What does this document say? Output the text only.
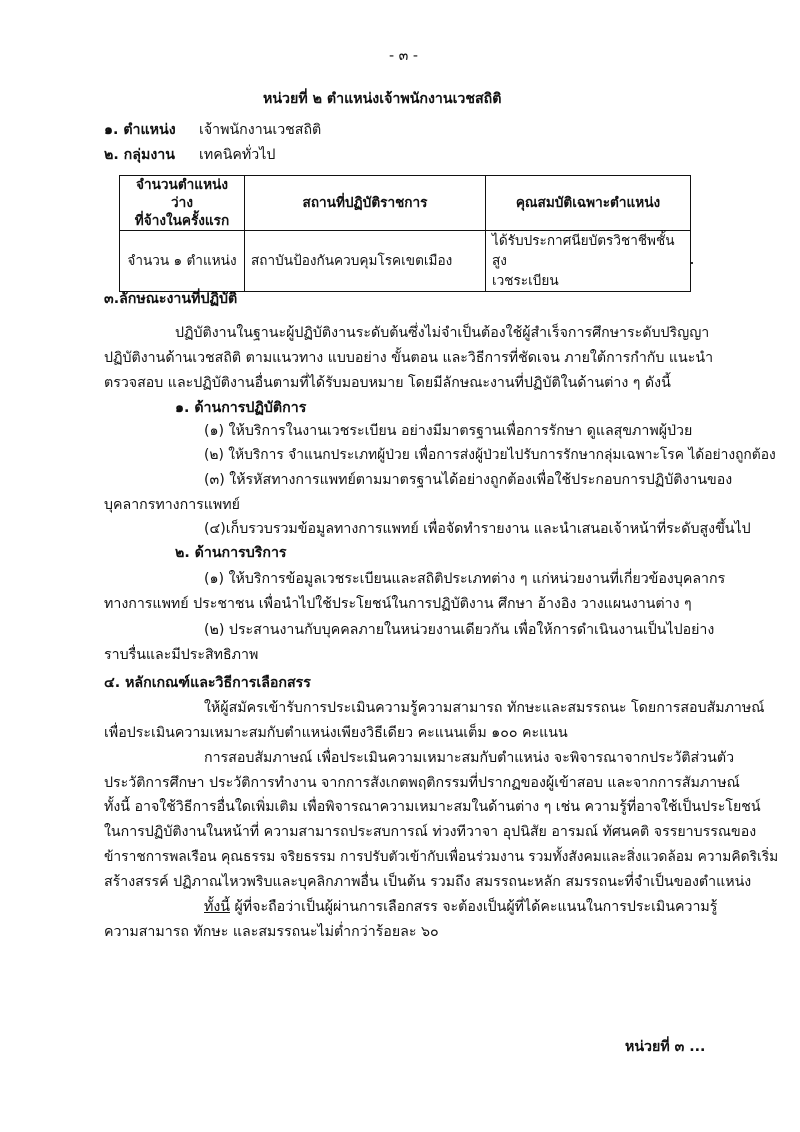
- ๓ -
หน่วยที่ ๒ ตำแหน่งเจ้าพนักงานเวชสถิติ
๑. ตำแหน่ง เจ้าพนักงานเวชสถิติ
๒. กลุ่มงาน เทคนิคทั่วไป
จำนวนตำแหน่งว่าง
ที่จ้างในครั้งแรก	สถานที่ปฏิบัติราชการ	คุณสมบัติเฉพาะตำแหน่ง
จำนวน ๑ ตำแหน่ง	สถาบันป้องกันควบคุมโรคเขตเมือง	ได้รับประกาศนียบัตรวิชาชีพชั้นสูง
เวชระเบียน
๓.ลักษณะงานที่ปฏิบัติ
ปฏิบัติงานในฐานะผู้ปฏิบัติงานระดับต้นซึ่งไม่จำเป็นต้องใช้ผู้สำเร็จการศึกษาระดับปริญญา
ปฏิบัติงานด้านเวชสถิติ ตามแนวทาง แบบอย่าง ขั้นตอน และวิธีการที่ชัดเจน ภายใต้การกำกับ แนะนำ
ตรวจสอบ และปฏิบัติงานอื่นตามที่ได้รับมอบหมาย โดยมีลักษณะงานที่ปฏิบัติในด้านต่าง ๆ ดังนี้
๑. ด้านการปฏิบัติการ
(๑) ให้บริการในงานเวชระเบียน อย่างมีมาตรฐานเพื่อการรักษา ดูแลสุขภาพผู้ป่วย
(๒) ให้บริการ จำแนกประเภทผู้ป่วย เพื่อการส่งผู้ป่วยไปรับการรักษากลุ่มเฉพาะโรค ได้อย่างถูกต้อง
(๓) ให้รหัสทางการแพทย์ตามมาตรฐานได้อย่างถูกต้องเพื่อใช้ประกอบการปฏิบัติงานของ
บุคลากรทางการแพทย์
(๔)เก็บรวบรวมข้อมูลทางการแพทย์ เพื่อจัดทำรายงาน และนำเสนอเจ้าหน้าที่ระดับสูงขึ้นไป
๒. ด้านการบริการ
(๑) ให้บริการข้อมูลเวชระเบียนและสถิติประเภทต่าง ๆ แก่หน่วยงานที่เกี่ยวข้องบุคลากร
ทางการแพทย์ ประชาชน เพื่อนำไปใช้ประโยชน์ในการปฏิบัติงาน ศึกษา อ้างอิง วางแผนงานต่าง ๆ
(๒) ประสานงานกับบุคคลภายในหน่วยงานเดียวกัน เพื่อให้การดำเนินงานเป็นไปอย่าง
ราบรื่นและมีประสิทธิภาพ
๔. หลักเกณฑ์และวิธีการเลือกสรร
ให้ผู้สมัครเข้ารับการประเมินความรู้ความสามารถ ทักษะและสมรรถนะ โดยการสอบสัมภาษณ์
เพื่อประเมินความเหมาะสมกับตำแหน่งเพียงวิธีเดียว คะแนนเต็ม ๑๐๐ คะแนน
การสอบสัมภาษณ์ เพื่อประเมินความเหมาะสมกับตำแหน่ง จะพิจารณาจากประวัติส่วนตัว
ประวัติการศึกษา ประวัติการทำงาน จากการสังเกตพฤติกรรมที่ปรากฏของผู้เข้าสอบ และจากการสัมภาษณ์
ทั้งนี้ อาจใช้วิธีการอื่นใดเพิ่มเติม เพื่อพิจารณาความเหมาะสมในด้านต่าง ๆ เช่น ความรู้ที่อาจใช้เป็นประโยชน์
ในการปฏิบัติงานในหน้าที่ ความสามารถประสบการณ์ ท่วงทีวาจา อุปนิสัย อารมณ์ ทัศนคติ จรรยาบรรณของ
ข้าราชการพลเรือน คุณธรรม จริยธรรม การปรับตัวเข้ากับเพื่อนร่วมงาน รวมทั้งสังคมและสิ่งแวดล้อม ความคิดริเริ่ม
สร้างสรรค์ ปฏิภาณไหวพริบและบุคลิกภาพอื่น เป็นต้น รวมถึง สมรรถนะหลัก สมรรถนะที่จำเป็นของตำแหน่ง
ทั้งนี้ ผู้ที่จะถือว่าเป็นผู้ผ่านการเลือกสรร จะต้องเป็นผู้ที่ได้คะแนนในการประเมินความรู้
ความสามารถ ทักษะ และสมรรถนะไม่ต่ำกว่าร้อยละ ๖๐
หน่วยที่ ๓ ...
